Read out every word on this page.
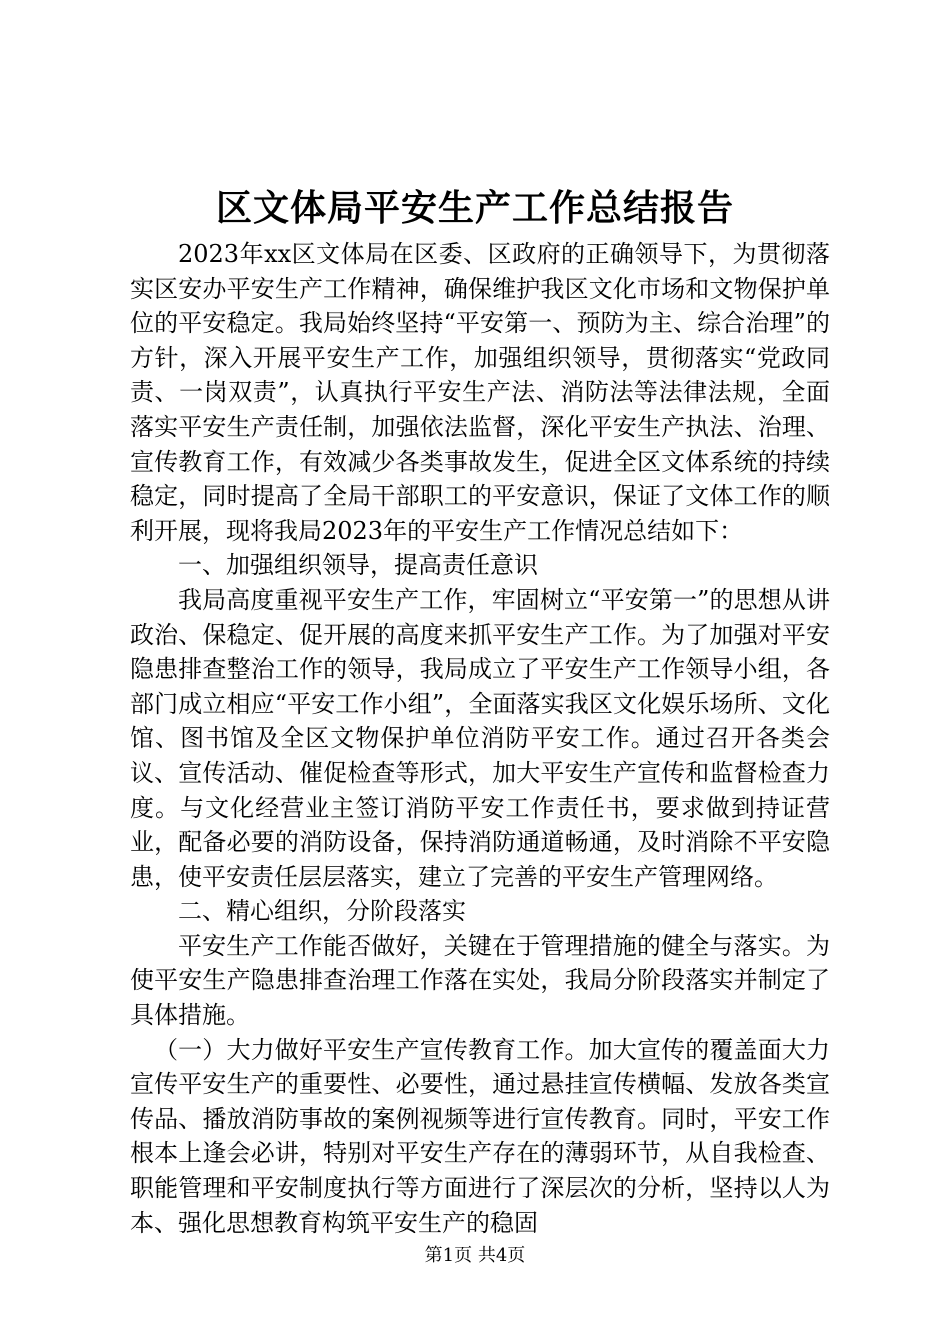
区文体局平安生产工作总结报告

2023年xx区文体局在区委、区政府的正确领导下，为贯彻落实区安办平安生产工作精神，确保维护我区文化市场和文物保护单位的平安稳定。我局始终坚持“平安第一、预防为主、综合治理”的方针，深入开展平安生产工作，加强组织领导，贯彻落实“党政同责、一岗双责”，认真执行平安生产法、消防法等法律法规，全面落实平安生产责任制，加强依法监督，深化平安生产执法、治理、宣传教育工作，有效减少各类事故发生，促进全区文体系统的持续稳定，同时提高了全局干部职工的平安意识，保证了文体工作的顺利开展，现将我局2023年的平安生产工作情况总结如下：

一、加强组织领导，提高责任意识

我局高度重视平安生产工作，牢固树立“平安第一”的思想从讲政治、保稳定、促开展的高度来抓平安生产工作。为了加强对平安隐患排查整治工作的领导，我局成立了平安生产工作领导小组，各部门成立相应“平安工作小组”，全面落实我区文化娱乐场所、文化馆、图书馆及全区文物保护单位消防平安工作。通过召开各类会议、宣传活动、催促检查等形式，加大平安生产宣传和监督检查力度。与文化经营业主签订消防平安工作责任书，要求做到持证营业，配备必要的消防设备，保持消防通道畅通，及时消除不平安隐患，使平安责任层层落实，建立了完善的平安生产管理网络。

二、精心组织，分阶段落实

平安生产工作能否做好，关键在于管理措施的健全与落实。为使平安生产隐患排查治理工作落在实处，我局分阶段落实并制定了具体措施。

（一）大力做好平安生产宣传教育工作。加大宣传的覆盖面大力宣传平安生产的重要性、必要性，通过悬挂宣传横幅、发放各类宣传品、播放消防事故的案例视频等进行宣传教育。同时，平安工作根本上逢会必讲，特别对平安生产存在的薄弱环节，从自我检查、职能管理和平安制度执行等方面进行了深层次的分析，坚持以人为本、强化思想教育构筑平安生产的稳固

第1页 共4页
